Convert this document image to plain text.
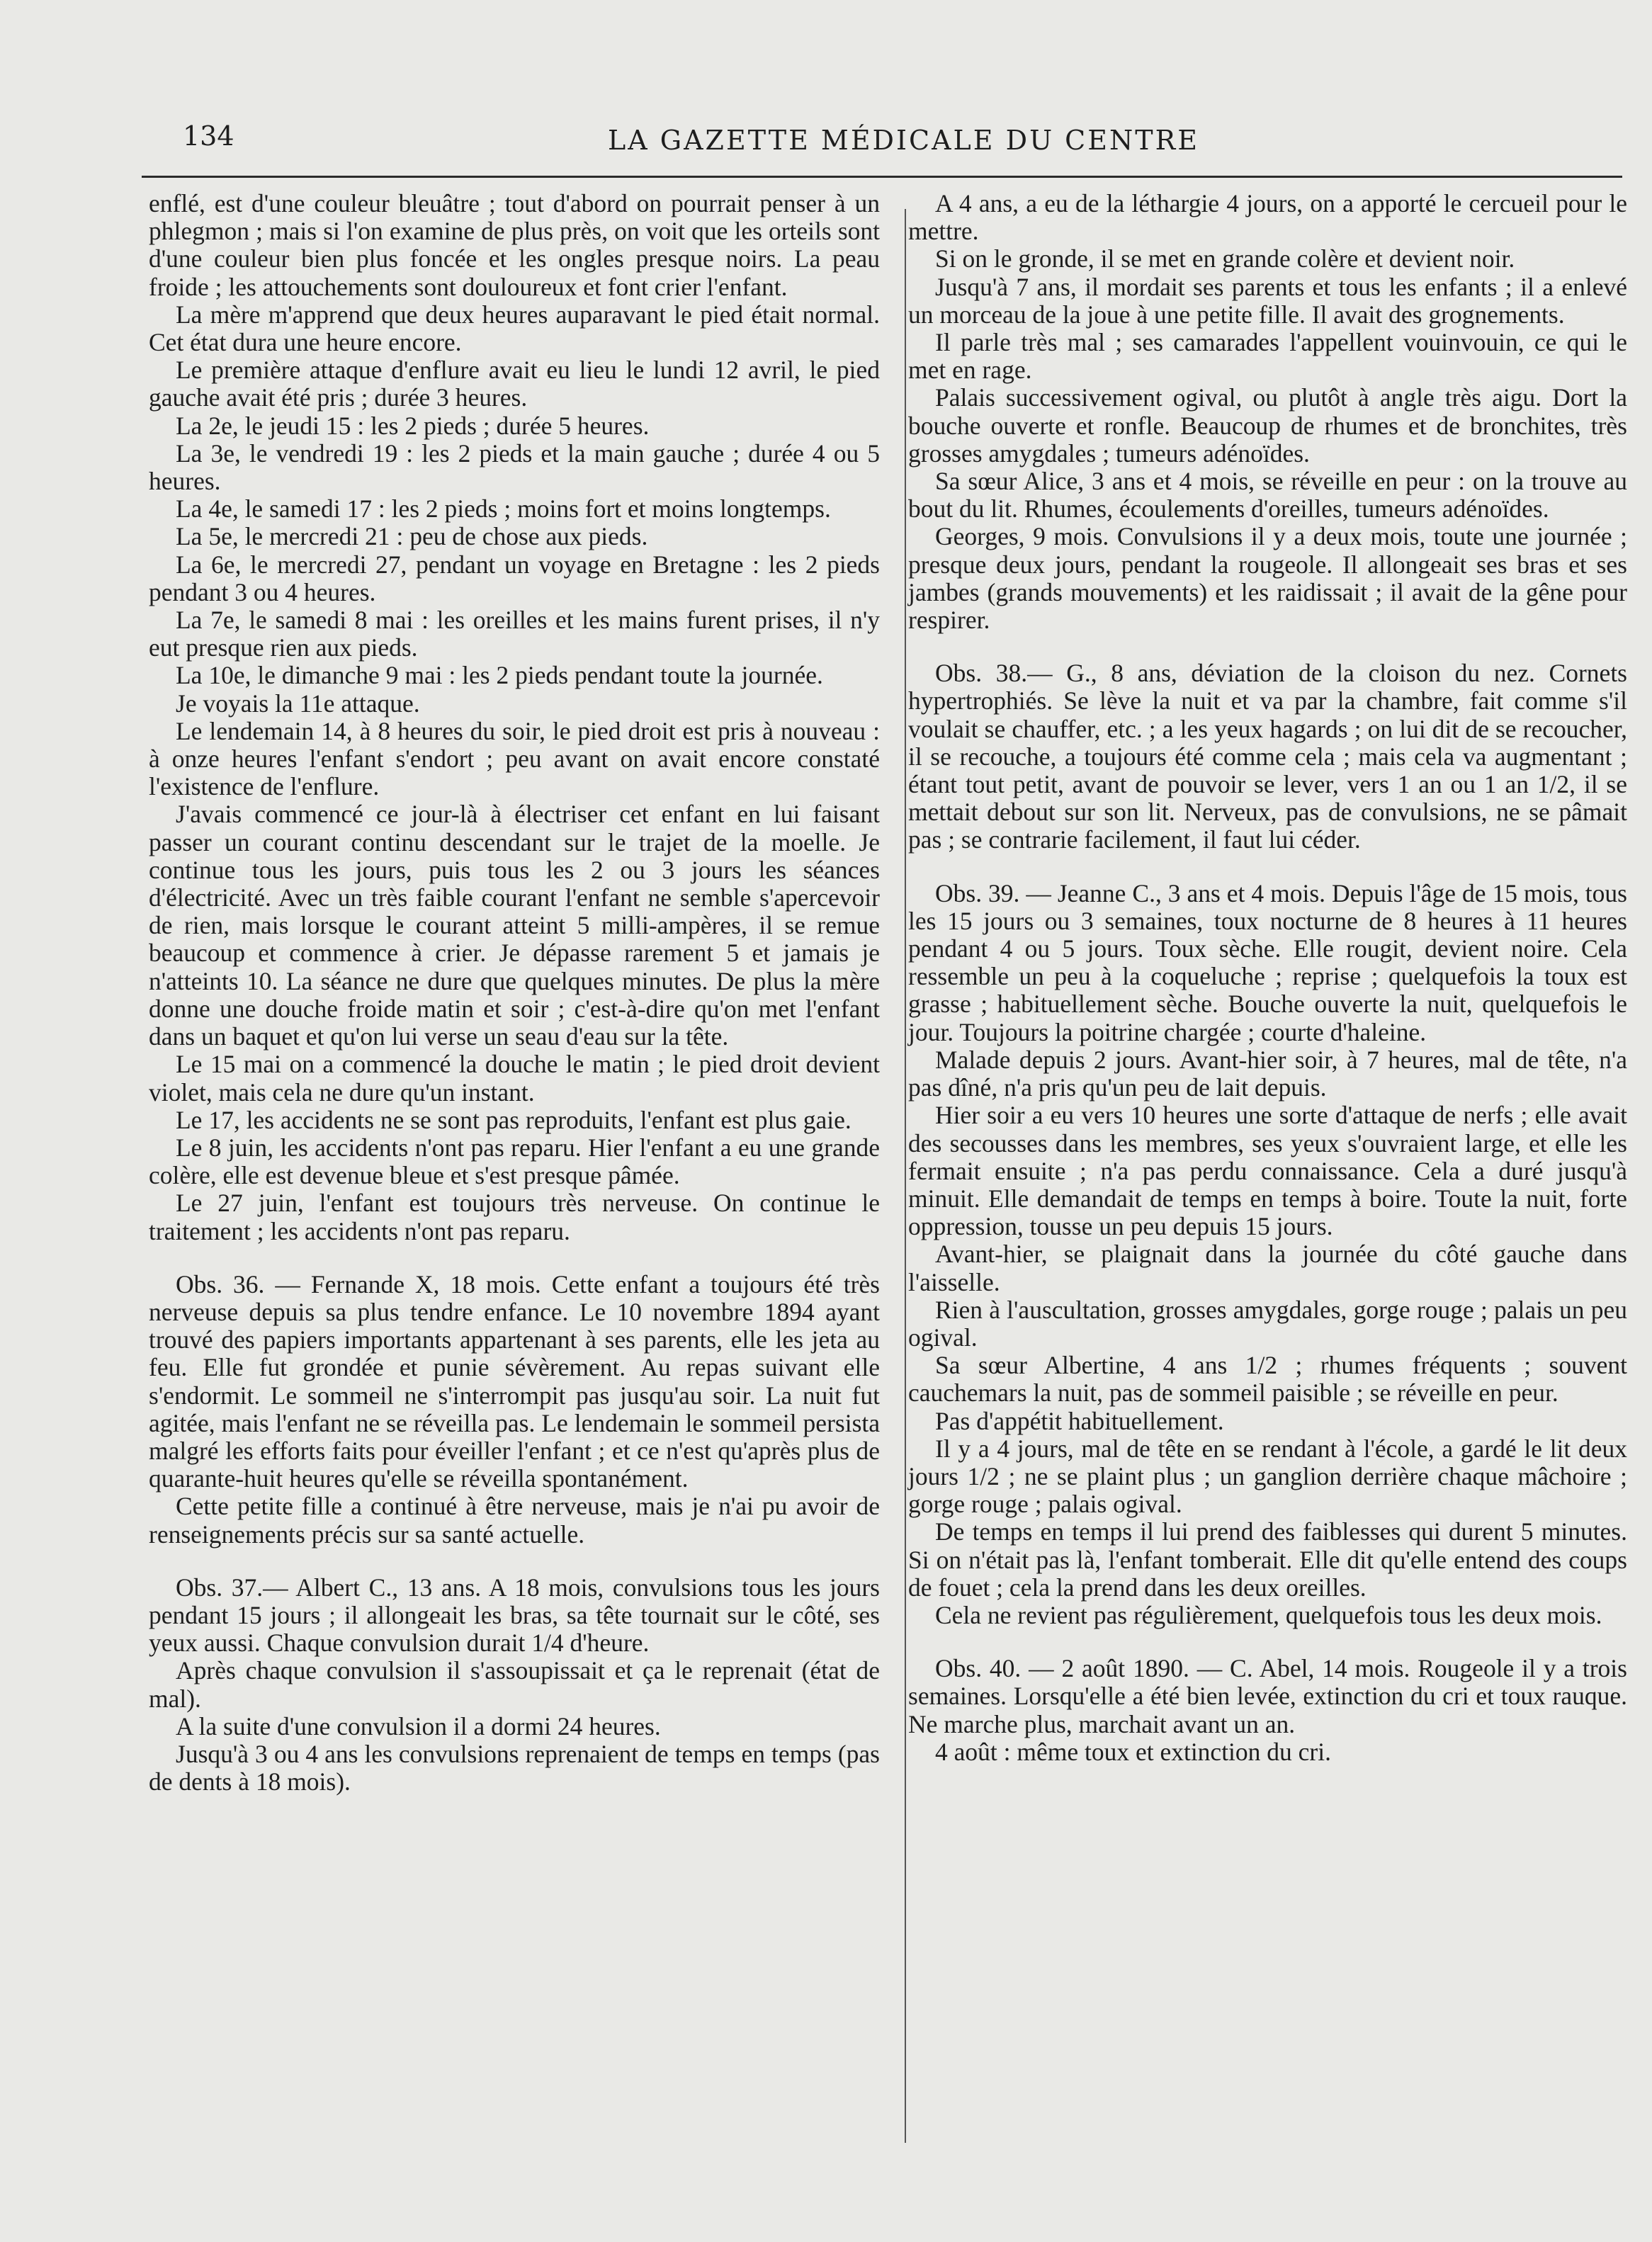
134	LA GAZETTE MÉDICALE DU CENTRE

enflé, est d'une couleur bleuâtre ; tout d'abord on pourrait penser à un phlegmon ; mais si l'on examine de plus près, on voit que les orteils sont d'une couleur bien plus foncée et les ongles presque noirs. La peau froide ; les attouchements sont douloureux et font crier l'enfant.

La mère m'apprend que deux heures auparavant le pied était normal. Cet état dura une heure encore.

Le première attaque d'enflure avait eu lieu le lundi 12 avril, le pied gauche avait été pris ; durée 3 heures.

La 2e, le jeudi 15 : les 2 pieds ; durée 5 heures.

La 3e, le vendredi 19 : les 2 pieds et la main gauche ; durée 4 ou 5 heures.

La 4e, le samedi 17 : les 2 pieds ; moins fort et moins longtemps.

La 5e, le mercredi 21 : peu de chose aux pieds.

La 6e, le mercredi 27, pendant un voyage en Bretagne : les 2 pieds pendant 3 ou 4 heures.

La 7e, le samedi 8 mai : les oreilles et les mains furent prises, il n'y eut presque rien aux pieds.

La 10e, le dimanche 9 mai : les 2 pieds pendant toute la journée.

Je voyais la 11e attaque.

Le lendemain 14, à 8 heures du soir, le pied droit est pris à nouveau : à onze heures l'enfant s'endort ; peu avant on avait encore constaté l'existence de l'enflure.

J'avais commencé ce jour-là à électriser cet enfant en lui faisant passer un courant continu descendant sur le trajet de la moelle. Je continue tous les jours, puis tous les 2 ou 3 jours les séances d'électricité. Avec un très faible courant l'enfant ne semble s'apercevoir de rien, mais lorsque le courant atteint 5 milli-ampères, il se remue beaucoup et commence à crier. Je dépasse rarement 5 et jamais je n'atteints 10. La séance ne dure que quelques minutes. De plus la mère donne une douche froide matin et soir ; c'est-à-dire qu'on met l'enfant dans un baquet et qu'on lui verse un seau d'eau sur la tête.

Le 15 mai on a commencé la douche le matin ; le pied droit devient violet, mais cela ne dure qu'un instant.

Le 17, les accidents ne se sont pas reproduits, l'enfant est plus gaie.

Le 8 juin, les accidents n'ont pas reparu. Hier l'enfant a eu une grande colère, elle est devenue bleue et s'est presque pâmée.

Le 27 juin, l'enfant est toujours très nerveuse. On continue le traitement ; les accidents n'ont pas reparu.

Obs. 36. — Fernande X, 18 mois. Cette enfant a toujours été très nerveuse depuis sa plus tendre enfance. Le 10 novembre 1894 ayant trouvé des papiers importants appartenant à ses parents, elle les jeta au feu. Elle fut grondée et punie sévèrement. Au repas suivant elle s'endormit. Le sommeil ne s'interrompit pas jusqu'au soir. La nuit fut agitée, mais l'enfant ne se réveilla pas. Le lendemain le sommeil persista malgré les efforts faits pour éveiller l'enfant ; et ce n'est qu'après plus de quarante-huit heures qu'elle se réveilla spontanément.

Cette petite fille a continué à être nerveuse, mais je n'ai pu avoir de renseignements précis sur sa santé actuelle.

Obs. 37.— Albert C., 13 ans. A 18 mois, convulsions tous les jours pendant 15 jours ; il allongeait les bras, sa tête tournait sur le côté, ses yeux aussi. Chaque convulsion durait 1/4 d'heure.

Après chaque convulsion il s'assoupissait et ça le reprenait (état de mal).

A la suite d'une convulsion il a dormi 24 heures.

Jusqu'à 3 ou 4 ans les convulsions reprenaient de temps en temps (pas de dents à 18 mois).

A 4 ans, a eu de la léthargie 4 jours, on a apporté le cercueil pour le mettre.

Si on le gronde, il se met en grande colère et devient noir.

Jusqu'à 7 ans, il mordait ses parents et tous les enfants ; il a enlevé un morceau de la joue à une petite fille. Il avait des grognements.

Il parle très mal ; ses camarades l'appellent vouinvouin, ce qui le met en rage.

Palais successivement ogival, ou plutôt à angle très aigu. Dort la bouche ouverte et ronfle. Beaucoup de rhumes et de bronchites, très grosses amygdales ; tumeurs adénoïdes.

Sa sœur Alice, 3 ans et 4 mois, se réveille en peur : on la trouve au bout du lit. Rhumes, écoulements d'oreilles, tumeurs adénoïdes.

Georges, 9 mois. Convulsions il y a deux mois, toute une journée ; presque deux jours, pendant la rougeole. Il allongeait ses bras et ses jambes (grands mouvements) et les raidissait ; il avait de la gêne pour respirer.

Obs. 38.— G., 8 ans, déviation de la cloison du nez. Cornets hypertrophiés. Se lève la nuit et va par la chambre, fait comme s'il voulait se chauffer, etc. ; a les yeux hagards ; on lui dit de se recoucher, il se recouche, a toujours été comme cela ; mais cela va augmentant ; étant tout petit, avant de pouvoir se lever, vers 1 an ou 1 an 1/2, il se mettait debout sur son lit. Nerveux, pas de convulsions, ne se pâmait pas ; se contrarie facilement, il faut lui céder.

Obs. 39. — Jeanne C., 3 ans et 4 mois. Depuis l'âge de 15 mois, tous les 15 jours ou 3 semaines, toux nocturne de 8 heures à 11 heures pendant 4 ou 5 jours. Toux sèche. Elle rougit, devient noire. Cela ressemble un peu à la coqueluche ; reprise ; quelquefois la toux est grasse ; habituellement sèche. Bouche ouverte la nuit, quelquefois le jour. Toujours la poitrine chargée ; courte d'haleine.

Malade depuis 2 jours. Avant-hier soir, à 7 heures, mal de tête, n'a pas dîné, n'a pris qu'un peu de lait depuis.

Hier soir a eu vers 10 heures une sorte d'attaque de nerfs ; elle avait des secousses dans les membres, ses yeux s'ouvraient large, et elle les fermait ensuite ; n'a pas perdu connaissance. Cela a duré jusqu'à minuit. Elle demandait de temps en temps à boire. Toute la nuit, forte oppression, tousse un peu depuis 15 jours.

Avant-hier, se plaignait dans la journée du côté gauche dans l'aisselle.

Rien à l'auscultation, grosses amygdales, gorge rouge ; palais un peu ogival.

Sa sœur Albertine, 4 ans 1/2 ; rhumes fréquents ; souvent cauchemars la nuit, pas de sommeil paisible ; se réveille en peur.

Pas d'appétit habituellement.

Il y a 4 jours, mal de tête en se rendant à l'école, a gardé le lit deux jours 1/2 ; ne se plaint plus ; un ganglion derrière chaque mâchoire ; gorge rouge ; palais ogival.

De temps en temps il lui prend des faiblesses qui durent 5 minutes. Si on n'était pas là, l'enfant tomberait. Elle dit qu'elle entend des coups de fouet ; cela la prend dans les deux oreilles.

Cela ne revient pas régulièrement, quelquefois tous les deux mois.

Obs. 40. — 2 août 1890. — C. Abel, 14 mois. Rougeole il y a trois semaines. Lorsqu'elle a été bien levée, extinction du cri et toux rauque. Ne marche plus, marchait avant un an.

4 août : même toux et extinction du cri.
